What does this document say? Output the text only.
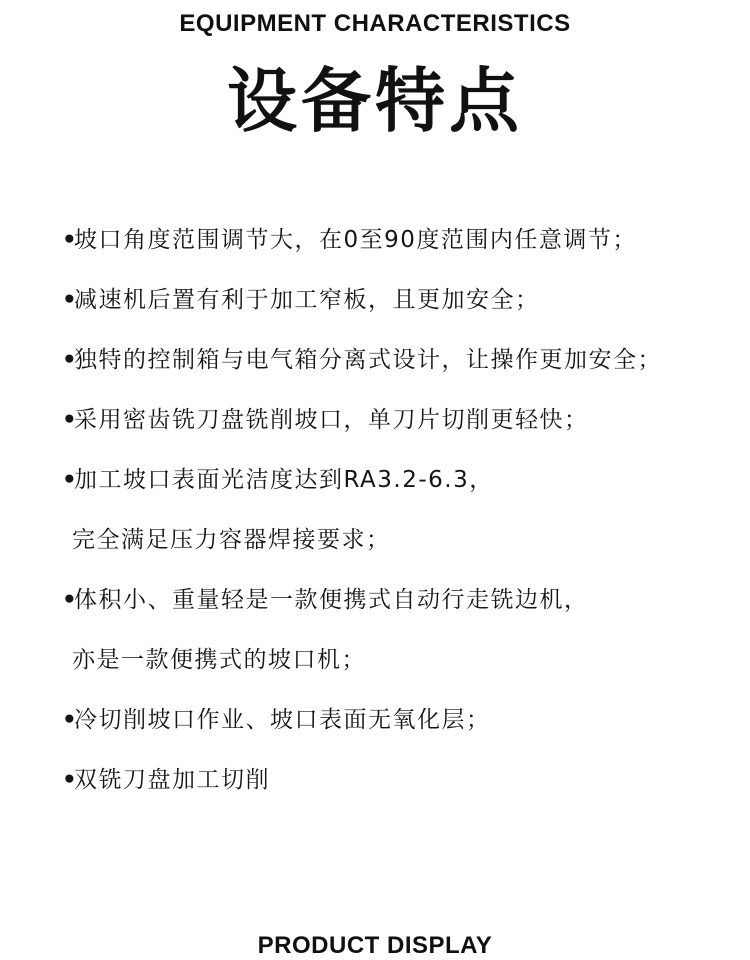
EQUIPMENT CHARACTERISTICS
设备特点
•坡口角度范围调节大，在0至90度范围内任意调节；
•减速机后置有利于加工窄板，且更加安全；
•独特的控制箱与电气箱分离式设计，让操作更加安全；
•采用密齿铣刀盘铣削坡口，单刀片切削更轻快；
•加工坡口表面光洁度达到RA3.2-6.3，
完全满足压力容器焊接要求；
•体积小、重量轻是一款便携式自动行走铣边机，
亦是一款便携式的坡口机；
•冷切削坡口作业、坡口表面无氧化层；
•双铣刀盘加工切削
PRODUCT DISPLAY
